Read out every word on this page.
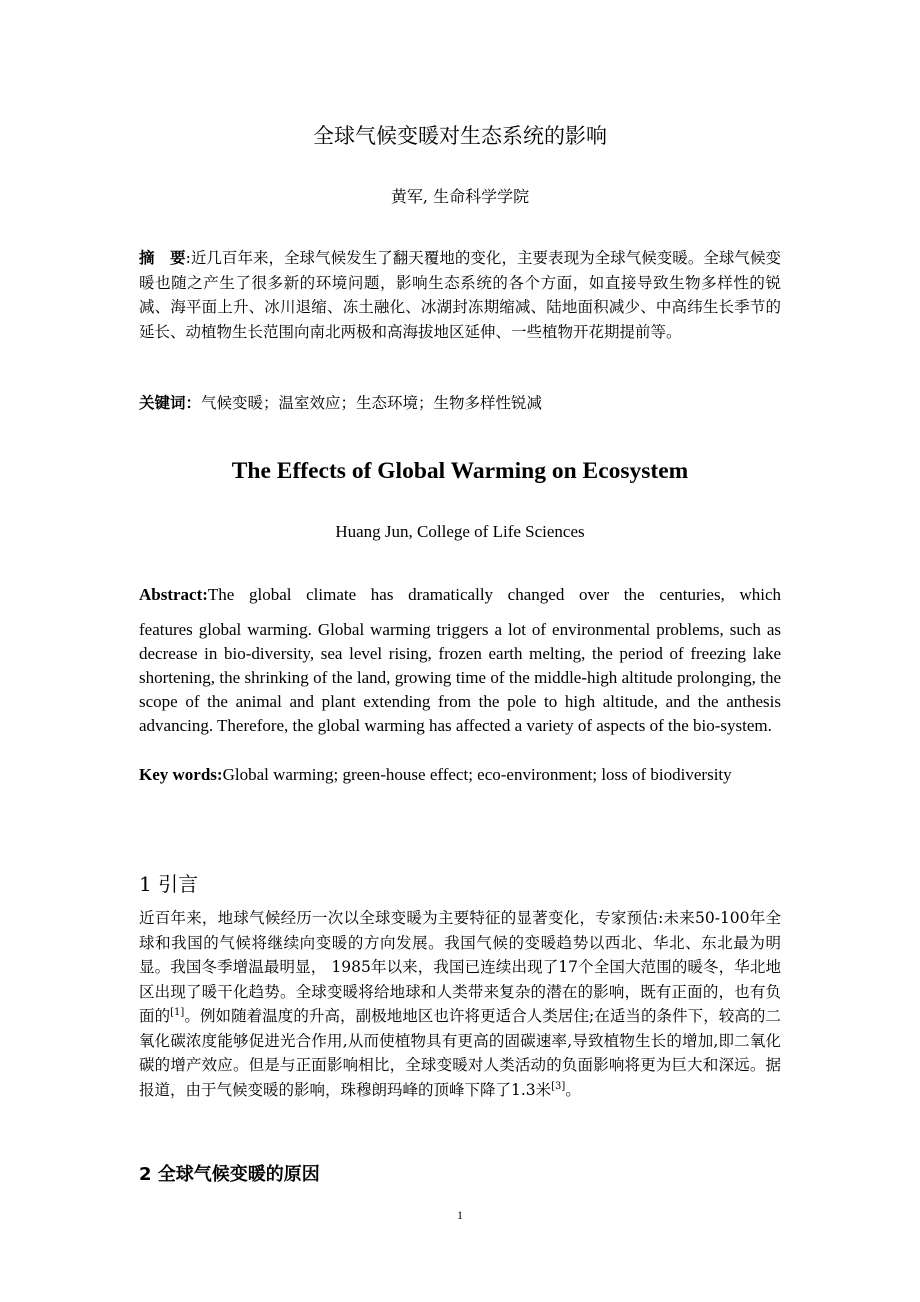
全球气候变暖对生态系统的影响
黄军, 生命科学学院
摘　要:近几百年来，全球气候发生了翻天覆地的变化，主要表现为全球气候变暖。全球气候变暖也随之产生了很多新的环境问题，影响生态系统的各个方面，如直接导致生物多样性的锐减、海平面上升、冰川退缩、冻土融化、冰湖封冻期缩减、陆地面积减少、中高纬生长季节的延长、动植物生长范围向南北两极和高海拔地区延伸、一些植物开花期提前等。
关键词：气候变暖；温室效应；生态环境；生物多样性锐减
The Effects of Global Warming on Ecosystem
Huang Jun, College of Life Sciences
Abstract:The global climate has dramatically changed over the centuries, which
features global warming. Global warming triggers a lot of environmental problems, such as decrease in bio-diversity, sea level rising, frozen earth melting, the period of freezing lake shortening, the shrinking of the land, growing time of the middle-high altitude prolonging, the scope of the animal and plant extending from the pole to high altitude, and the anthesis advancing. Therefore, the global warming has affected a variety of aspects of the bio-system.
Key words:Global warming; green-house effect; eco-environment; loss of biodiversity
1 引言
近百年来，地球气候经历一次以全球变暖为主要特征的显著变化，专家预估:未来50-100年全球和我国的气候将继续向变暖的方向发展。我国气候的变暖趋势以西北、华北、东北最为明显。我国冬季增温最明显， 1985年以来，我国已连续出现了17个全国大范围的暖冬，华北地区出现了暖干化趋势。全球变暖将给地球和人类带来复杂的潜在的影响，既有正面的，也有负面的[1]。例如随着温度的升高，副极地地区也许将更适合人类居住;在适当的条件下，较高的二氧化碳浓度能够促进光合作用,从而使植物具有更高的固碳速率,导致植物生长的增加,即二氧化碳的增产效应。但是与正面影响相比，全球变暖对人类活动的负面影响将更为巨大和深远。据报道，由于气候变暖的影响，珠穆朗玛峰的顶峰下降了1.3米[3]。
2 全球气候变暖的原因
1
